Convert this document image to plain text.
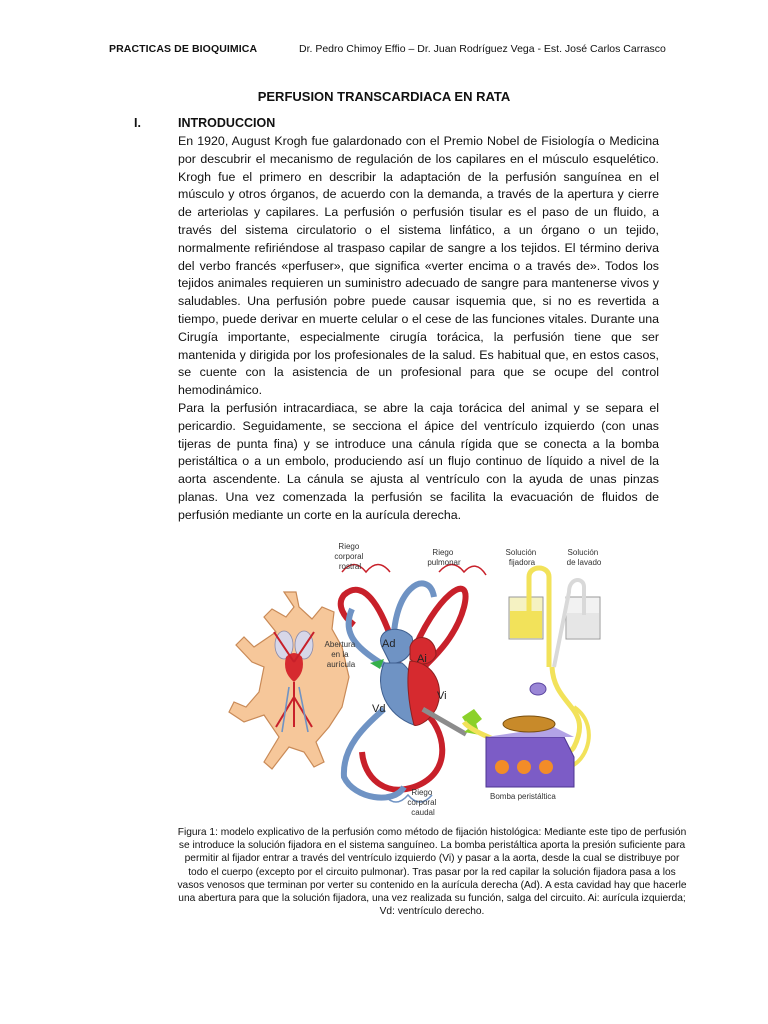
PRACTICAS DE BIOQUIMICA	Dr. Pedro Chimoy Effio – Dr. Juan Rodríguez Vega - Est. José Carlos Carrasco
PERFUSION TRANSCARDIACA EN RATA
I.	INTRODUCCION

En 1920, August Krogh fue galardonado con el Premio Nobel de Fisiología o Medicina por descubrir el mecanismo de regulación de los capilares en el músculo esquelético. Krogh fue el primero en describir la adaptación de la perfusión sanguínea en el músculo y otros órganos, de acuerdo con la demanda, a través de la apertura y cierre de arteriolas y capilares. La perfusión o perfusión tisular es el paso de un fluido, a través del sistema circulatorio o el sistema linfático, a un órgano o un tejido, normalmente refiriéndose al traspaso capilar de sangre a los tejidos. El término deriva del verbo francés «perfuser», que significa «verter encima o a través de». Todos los tejidos animales requieren un suministro adecuado de sangre para mantenerse vivos y saludables. Una perfusión pobre puede causar isquemia que, si no es revertida a tiempo, puede derivar en muerte celular o el cese de las funciones vitales. Durante una Cirugía importante, especialmente cirugía torácica, la perfusión tiene que ser mantenida y dirigida por los profesionales de la salud. Es habitual que, en estos casos, se cuente con la asistencia de un profesional para que se ocupe del control hemodinámico.

Para la perfusión intracardiaca, se abre la caja torácica del animal y se separa el pericardio. Seguidamente, se secciona el ápice del ventrículo izquierdo (con unas tijeras de punta fina) y se introduce una cánula rígida que se conecta a la bomba peristáltica o a un embolo, produciendo así un flujo continuo de líquido a nivel de la aorta ascendente. La cánula se ajusta al ventrículo con la ayuda de unas pinzas planas. Una vez comenzada la perfusión se facilita la evacuación de fluidos de perfusión mediante un corte en la aurícula derecha.

Riego corporal rostral
Riego pulmonar
Solución fijadora
Solución de lavado
Abertura en la aurícula
Ad
Ai
Vi
Vd
Riego corporal caudal
Bomba peristáltica
Figura 1: modelo explicativo de la perfusión como método de fijación histológica: Mediante este tipo de perfusión se introduce la solución fijadora en el sistema sanguíneo. La bomba peristáltica aporta la presión suficiente para permitir al fijador entrar a través del ventrículo izquierdo (Vi) y pasar a la aorta, desde la cual se distribuye por todo el cuerpo (excepto por el circuito pulmonar). Tras pasar por la red capilar la solución fijadora pasa a los vasos venosos que terminan por verter su contenido en la aurícula derecha (Ad). A esta cavidad hay que hacerle una abertura para que la solución fijadora, una vez realizada su función, salga del circuito. Ai: aurícula izquierda; Vd: ventrículo derecho.
